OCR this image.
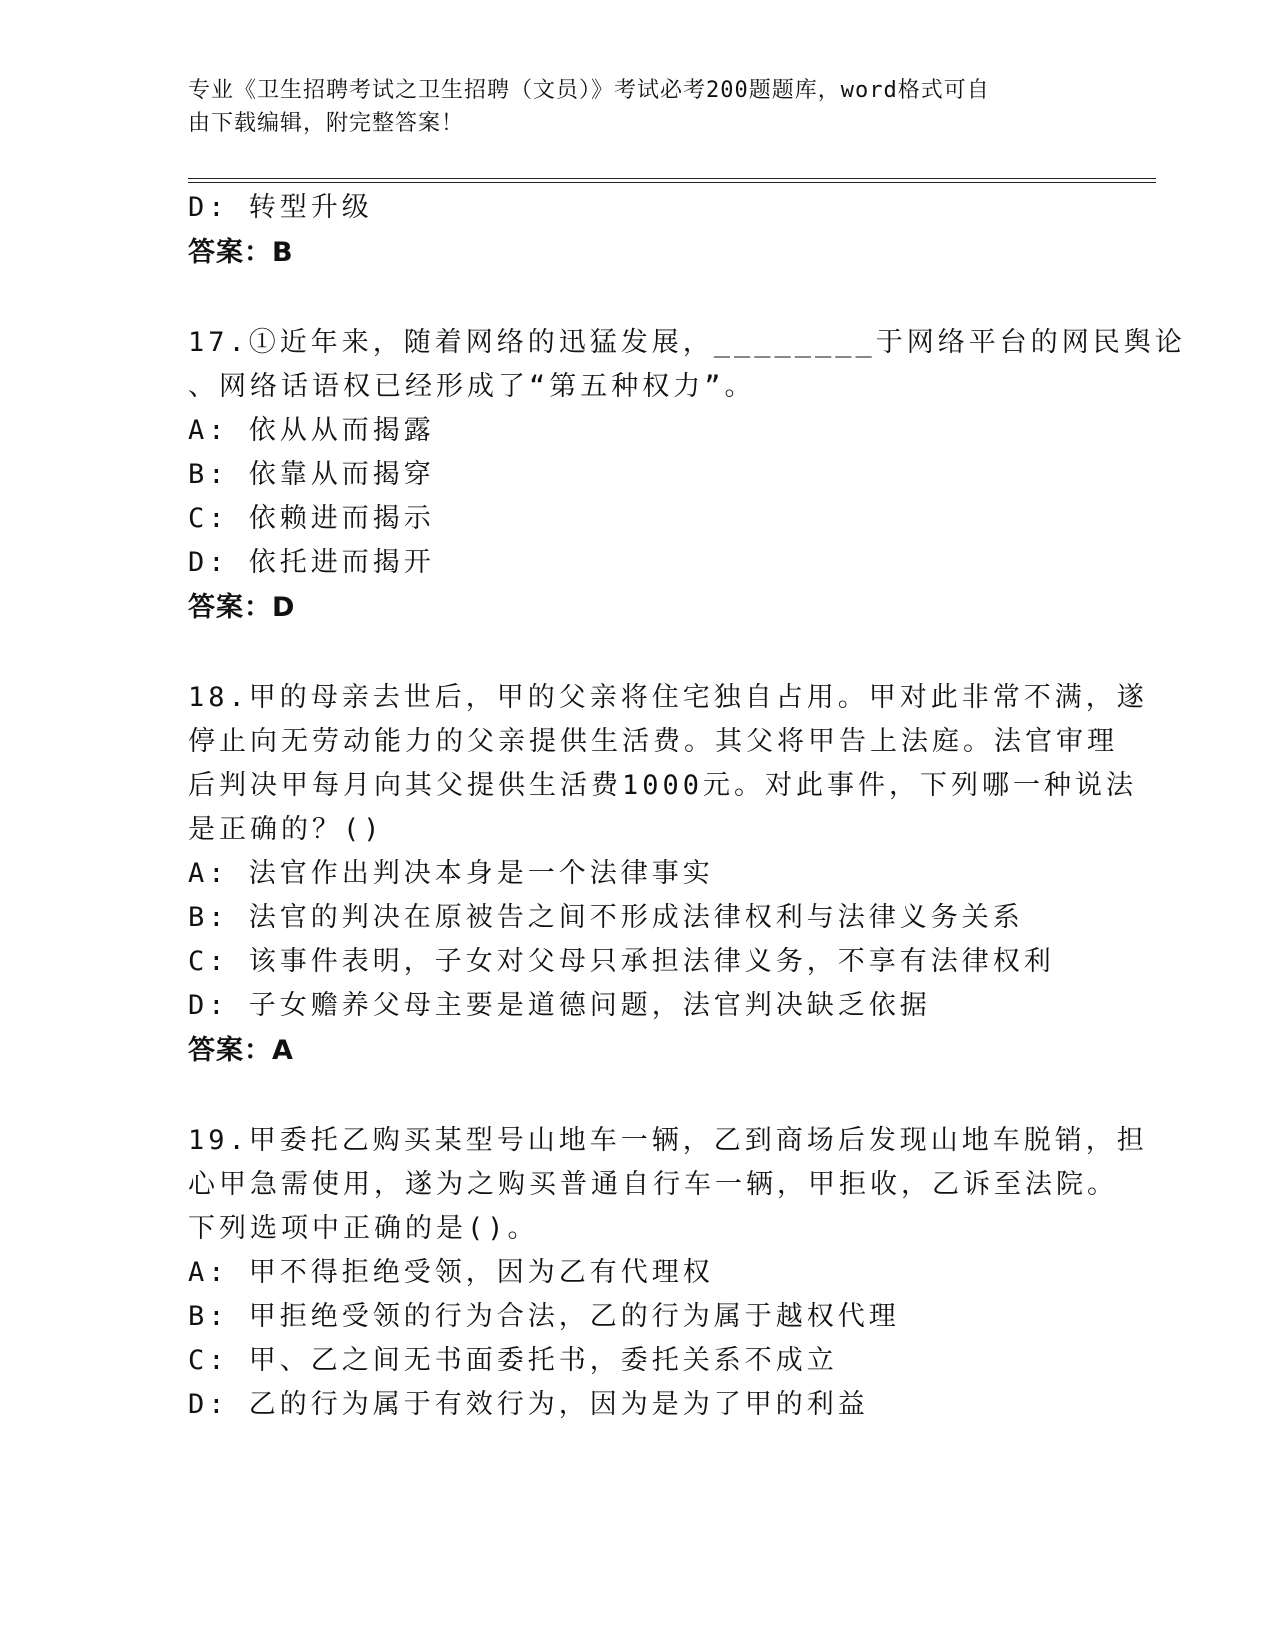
专业《卫生招聘考试之卫生招聘（文员）》考试必考200题题库，word格式可自
由下载编辑，附完整答案！
D: 转型升级
答案：B
17.①近年来，随着网络的迅猛发展，________于网络平台的网民舆论
、网络话语权已经形成了“第五种权力”。
A: 依从从而揭露
B: 依靠从而揭穿
C: 依赖进而揭示
D: 依托进而揭开
答案：D
18.甲的母亲去世后，甲的父亲将住宅独自占用。甲对此非常不满，遂
停止向无劳动能力的父亲提供生活费。其父将甲告上法庭。法官审理
后判决甲每月向其父提供生活费1000元。对此事件，下列哪一种说法
是正确的？()
A: 法官作出判决本身是一个法律事实
B: 法官的判决在原被告之间不形成法律权利与法律义务关系
C: 该事件表明，子女对父母只承担法律义务，不享有法律权利
D: 子女赡养父母主要是道德问题，法官判决缺乏依据
答案：A
19.甲委托乙购买某型号山地车一辆，乙到商场后发现山地车脱销，担
心甲急需使用，遂为之购买普通自行车一辆，甲拒收，乙诉至法院。
下列选项中正确的是()。
A: 甲不得拒绝受领，因为乙有代理权
B: 甲拒绝受领的行为合法，乙的行为属于越权代理
C: 甲、乙之间无书面委托书，委托关系不成立
D: 乙的行为属于有效行为，因为是为了甲的利益
